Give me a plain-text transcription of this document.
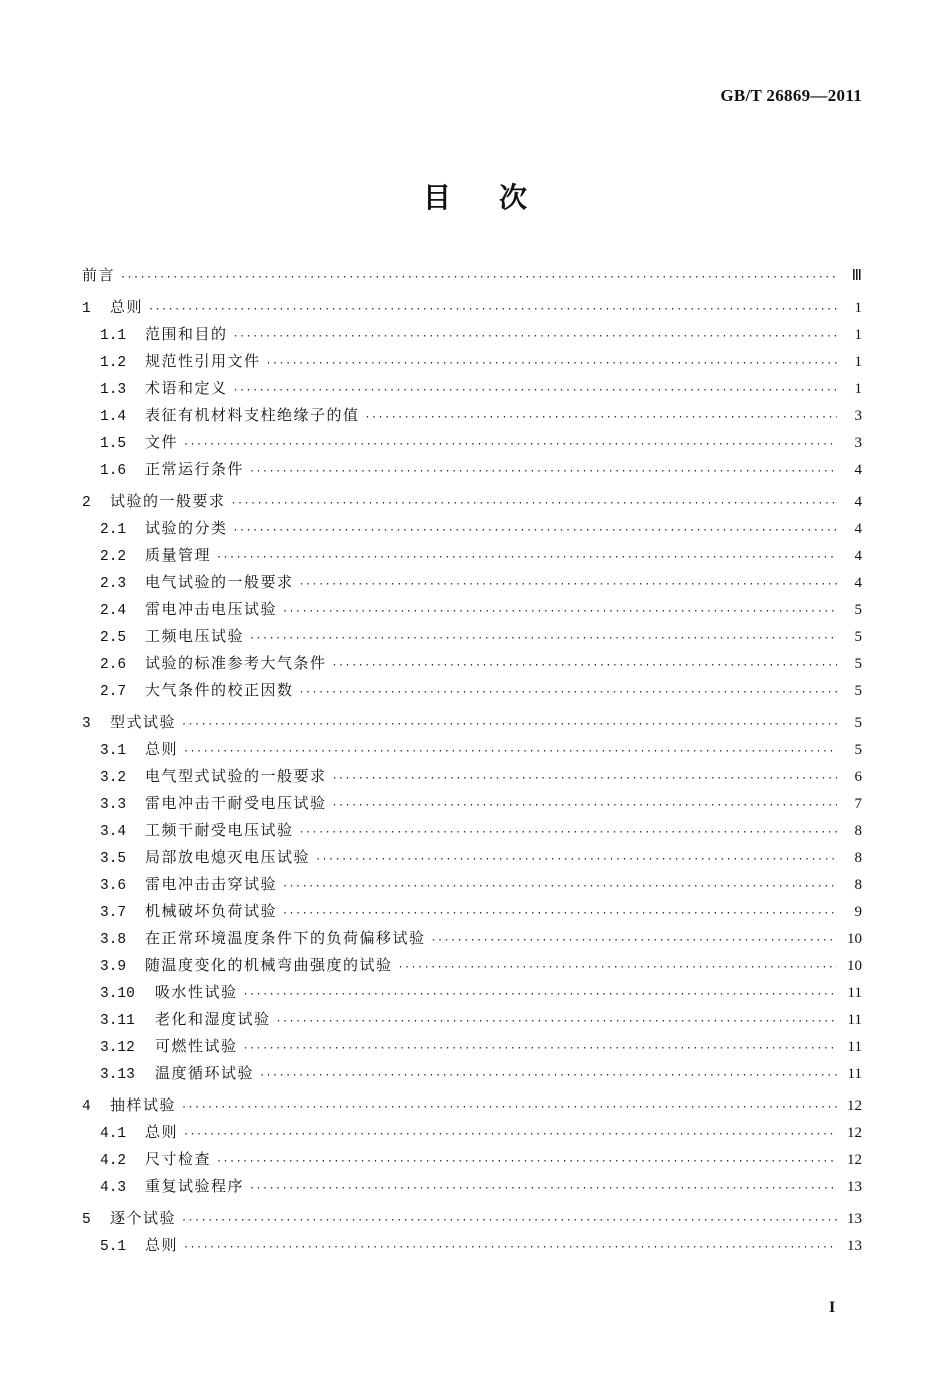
GB/T 26869—2011
目次
前言 ·····	Ⅲ
1	总则 ·····	1
1.1	范围和目的 ·····	1
1.2	规范性引用文件 ·····	1
1.3	术语和定义 ·····	1
1.4	表征有机材料支柱绝缘子的值 ·····	3
1.5	文件 ·····	3
1.6	正常运行条件 ·····	4
2	试验的一般要求 ·····	4
2.1	试验的分类 ·····	4
2.2	质量管理 ·····	4
2.3	电气试验的一般要求 ·····	4
2.4	雷电冲击电压试验 ·····	5
2.5	工频电压试验 ·····	5
2.6	试验的标准参考大气条件 ·····	5
2.7	大气条件的校正因数 ·····	5
3	型式试验 ·····	5
3.1	总则 ·····	5
3.2	电气型式试验的一般要求 ·····	6
3.3	雷电冲击干耐受电压试验 ·····	7
3.4	工频干耐受电压试验 ·····	8
3.5	局部放电熄灭电压试验 ·····	8
3.6	雷电冲击击穿试验 ·····	8
3.7	机械破坏负荷试验 ·····	9
3.8	在正常环境温度条件下的负荷偏移试验 ·····	10
3.9	随温度变化的机械弯曲强度的试验 ·····	10
3.10	吸水性试验 ·····	11
3.11	老化和湿度试验 ·····	11
3.12	可燃性试验 ·····	11
3.13	温度循环试验 ·····	11
4	抽样试验 ·····	12
4.1	总则 ·····	12
4.2	尺寸检查 ·····	12
4.3	重复试验程序 ·····	13
5	逐个试验 ·····	13
5.1	总则 ·····	13
I
